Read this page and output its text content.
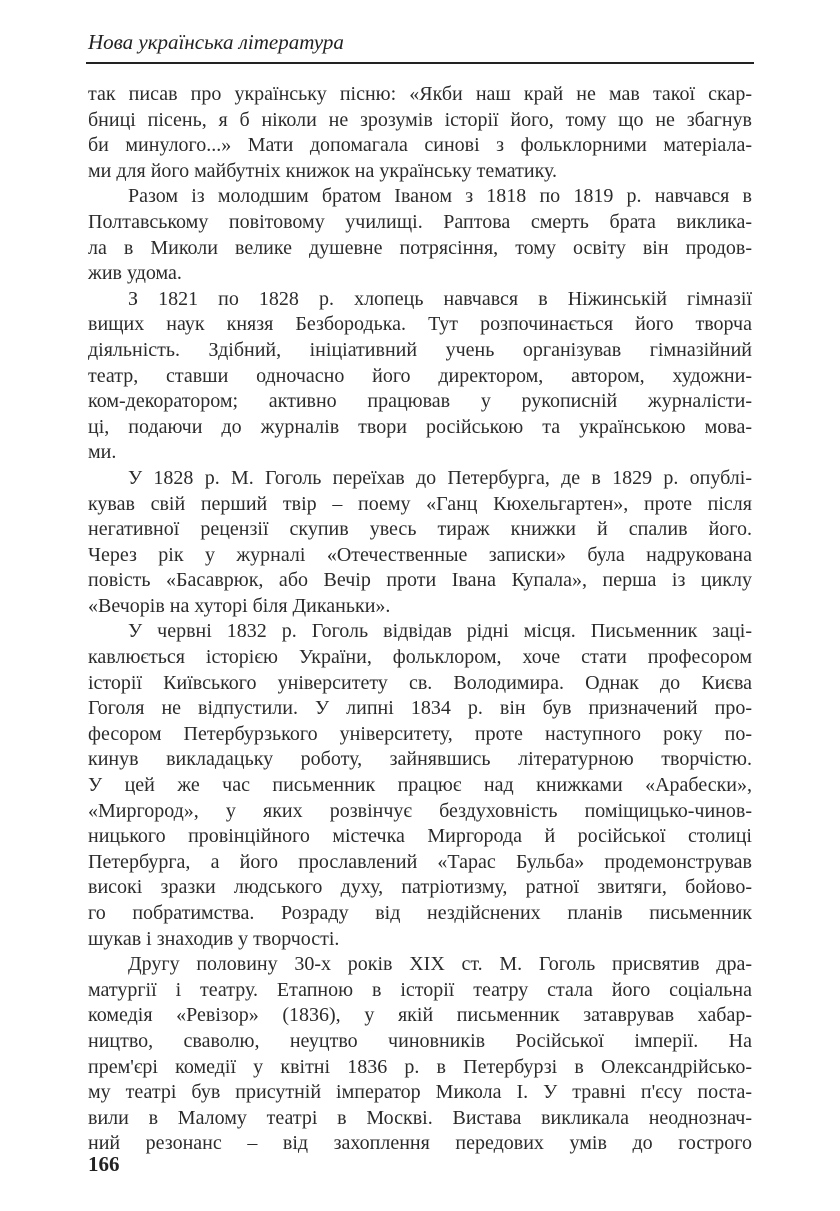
Нова українська література
так писав про українську пісню: «Якби наш край не мав такої скар-
бниці пісень, я б ніколи не зрозумів історії його, тому що не збагнув
би минулого...» Мати допомагала синові з фольклорними матеріала-
ми для його майбутніх книжок на українську тематику.
Разом із молодшим братом Іваном з 1818 по 1819 р. навчався в
Полтавському повітовому училищі. Раптова смерть брата виклика-
ла в Миколи велике душевне потрясіння, тому освіту він продов-
жив удома.
З 1821 по 1828 р. хлопець навчався в Ніжинській гімназії
вищих наук князя Безбородька. Тут розпочинається його творча
діяльність. Здібний, ініціативний учень організував гімназійний
театр, ставши одночасно його директором, автором, художни-
ком-декоратором; активно працював у рукописній журналісти-
ці, подаючи до журналів твори російською та українською мова-
ми.
У 1828 р. М. Гоголь переїхав до Петербурга, де в 1829 р. опублі-
кував свій перший твір – поему «Ганц Кюхельгартен», проте після
негативної рецензії скупив увесь тираж книжки й спалив його.
Через рік у журналі «Отечественные записки» була надрукована
повість «Басаврюк, або Вечір проти Івана Купала», перша із циклу
«Вечорів на хуторі біля Диканьки».
У червні 1832 р. Гоголь відвідав рідні місця. Письменник заці-
кавлюється історією України, фольклором, хоче стати професором
історії Київського університету св. Володимира. Однак до Києва
Гоголя не відпустили. У липні 1834 р. він був призначений про-
фесором Петербурзького університету, проте наступного року по-
кинув викладацьку роботу, зайнявшись літературною творчістю.
У цей же час письменник працює над книжками «Арабески»,
«Миргород», у яких розвінчує бездуховність поміщицько-чинов-
ницького провінційного містечка Миргорода й російської столиці
Петербурга, а його прославлений «Тарас Бульба» продемонстрував
високі зразки людського духу, патріотизму, ратної звитяги, бойово-
го побратимства. Розраду від нездійснених планів письменник
шукав і знаходив у творчості.
Другу половину 30-х років XIX ст. М. Гоголь присвятив дра-
матургії і театру. Етапною в історії театру стала його соціальна
комедія «Ревізор» (1836), у якій письменник затаврував хабар-
ництво, сваволю, неуцтво чиновників Російської імперії. На
прем'єрі комедії у квітні 1836 р. в Петербурзі в Олександрійсько-
му театрі був присутній імператор Микола І. У травні п'єсу поста-
вили в Малому театрі в Москві. Вистава викликала неоднознач-
ний резонанс – від захоплення передових умів до гострого
166
